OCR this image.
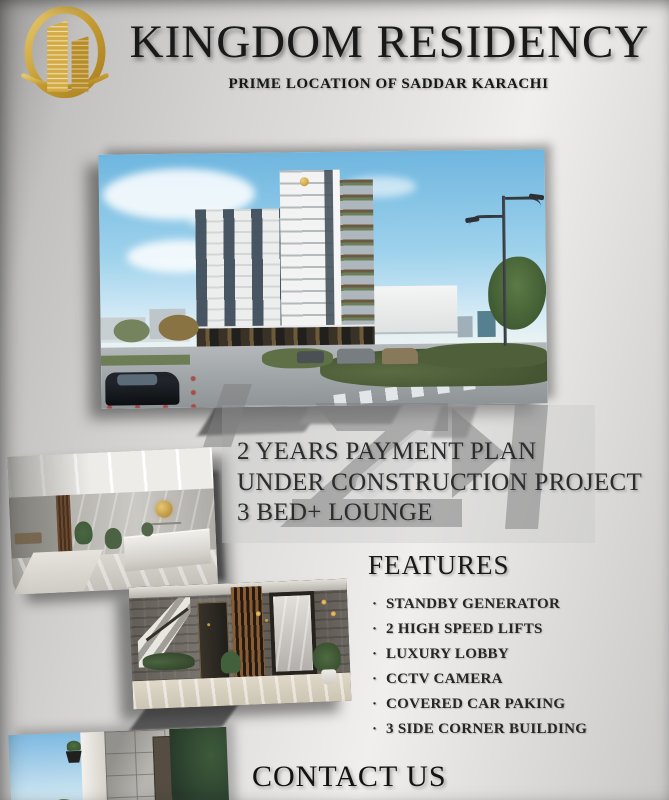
KINGDOM RESIDENCY
PRIME LOCATION OF SADDAR KARACHI
2 YEARS PAYMENT PLAN
UNDER CONSTRUCTION PROJECT
3 BED+ LOUNGE
FEATURES
· STANDBY GENERATOR
· 2 HIGH SPEED LIFTS
· LUXURY LOBBY
· CCTV CAMERA
· COVERED CAR PAKING
· 3 SIDE CORNER BUILDING
CONTACT US
